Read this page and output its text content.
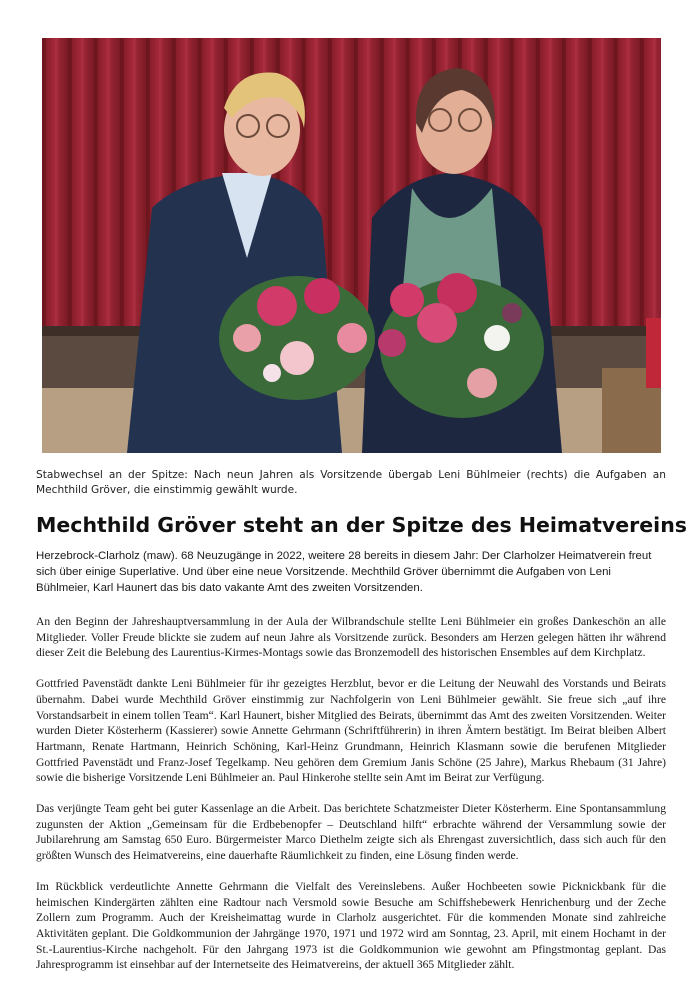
Stabwechsel an der Spitze: Nach neun Jahren als Vorsitzende übergab Leni Bühlmeier (rechts) die Aufgaben an Mechthild Gröver, die einstimmig gewählt wurde.
Mechthild Gröver steht an der Spitze des Heimatvereins

Herzebrock-Clarholz (maw). 68 Neuzugänge in 2022, weitere 28 bereits in diesem Jahr: Der Clarholzer Heimatverein freut sich über einige Superlative. Und über eine neue Vorsitzende. Mechthild Gröver übernimmt die Aufgaben von Leni Bühlmeier, Karl Haunert das bis dato vakante Amt des zweiten Vorsitzenden.

An den Beginn der Jahreshauptversammlung in der Aula der Wilbrandschule stellte Leni Bühlmeier ein großes Dankeschön an alle Mitglieder. Voller Freude blickte sie zudem auf neun Jahre als Vorsitzende zurück. Besonders am Herzen gelegen hätten ihr während dieser Zeit die Belebung des Laurentius-Kirmes-Montags sowie das Bronzemodell des historischen Ensembles auf dem Kirchplatz.

Gottfried Pavenstädt dankte Leni Bühlmeier für ihr gezeigtes Herzblut, bevor er die Leitung der Neuwahl des Vorstands und Beirats übernahm. Dabei wurde Mechthild Gröver einstimmig zur Nachfolgerin von Leni Bühlmeier gewählt. Sie freue sich „auf ihre Vorstandsarbeit in einem tollen Team“. Karl Haunert, bisher Mitglied des Beirats, übernimmt das Amt des zweiten Vorsitzenden. Weiter wurden Dieter Kösterherm (Kassierer) sowie Annette Gehrmann (Schriftführerin) in ihren Ämtern bestätigt. Im Beirat bleiben Albert Hartmann, Renate Hartmann, Heinrich Schöning, Karl-Heinz Grundmann, Heinrich Klasmann sowie die berufenen Mitglieder Gottfried Pavenstädt und Franz-Josef Tegelkamp. Neu gehören dem Gremium Janis Schöne (25 Jahre), Markus Rhebaum (31 Jahre) sowie die bisherige Vorsitzende Leni Bühlmeier an. Paul Hinkerohe stellte sein Amt im Beirat zur Verfügung.

Das verjüngte Team geht bei guter Kassenlage an die Arbeit. Das berichtete Schatzmeister Dieter Kösterherm. Eine Spontansammlung zugunsten der Aktion „Gemeinsam für die Erdbebenopfer – Deutschland hilft“ erbrachte während der Versammlung sowie der Jubilarehrung am Samstag 650 Euro. Bürgermeister Marco Diethelm zeigte sich als Ehrengast zuversichtlich, dass sich auch für den größten Wunsch des Heimatvereins, eine dauerhafte Räumlichkeit zu finden, eine Lösung finden werde.

Im Rückblick verdeutlichte Annette Gehrmann die Vielfalt des Vereinslebens. Außer Hochbeeten sowie Picknickbank für die heimischen Kindergärten zählten eine Radtour nach Versmold sowie Besuche am Schiffshebewerk Henrichenburg und der Zeche Zollern zum Programm. Auch der Kreisheimattag wurde in Clarholz ausgerichtet. Für die kommenden Monate sind zahlreiche Aktivitäten geplant. Die Goldkommunion der Jahrgänge 1970, 1971 und 1972 wird am Sonntag, 23. April, mit einem Hochamt in der St.-Laurentius-Kirche nachgeholt. Für den Jahrgang 1973 ist die Goldkommunion wie gewohnt am Pfingstmontag geplant. Das Jahresprogramm ist einsehbar auf der Internetseite des Heimatvereins, der aktuell 365 Mitglieder zählt.
